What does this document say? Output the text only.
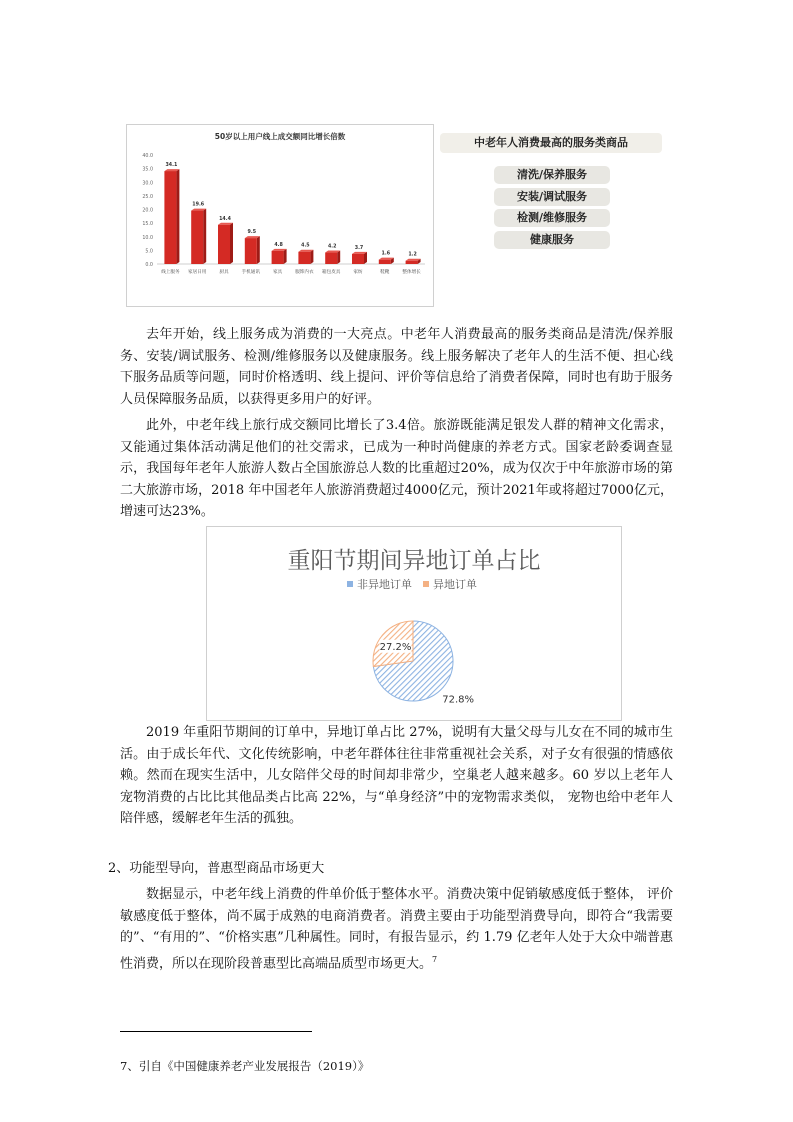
50岁以上用户线上成交额同比增长倍数
0.0
5.0
10.0
15.0
20.0
25.0
30.0
35.0
40.0
34.1
线上服务
19.6
家居日用
14.4
厨具
9.5
手机通讯
4.8
家具
4.5
服饰内衣
4.2
箱包皮具
3.7
家纺
1.6
鞋靴
1.2
整体增长
中老年人消费最高的服务类商品
清洗/保养服务
安装/调试服务
检测/维修服务
健康服务

去年开始，线上服务成为消费的一大亮点。中老年人消费最高的服务类商品是清洗/保养服务、安装/调试服务、检测/维修服务以及健康服务。线上服务解决了老年人的生活不便、担心线下服务品质等问题，同时价格透明、线上提问、评价等信息给了消费者保障，同时也有助于服务人员保障服务品质，以获得更多用户的好评。

此外，中老年线上旅行成交额同比增长了3.4倍。旅游既能满足银发人群的精神文化需求，又能通过集体活动满足他们的社交需求，已成为一种时尚健康的养老方式。国家老龄委调查显示，我国每年老年人旅游人数占全国旅游总人数的比重超过20%，成为仅次于中年旅游市场的第二大旅游市场，2018 年中国老年人旅游消费超过4000亿元，预计2021年或将超过7000亿元，增速可达23%。

重阳节期间异地订单占比
非异地订单 异地订单
72.8%
27.2%

2019 年重阳节期间的订单中，异地订单占比 27%，说明有大量父母与儿女在不同的城市生活。由于成长年代、文化传统影响，中老年群体往往非常重视社会关系，对子女有很强的情感依赖。然而在现实生活中，儿女陪伴父母的时间却非常少，空巢老人越来越多。60 岁以上老年人宠物消费的占比比其他品类占比高 22%，与“单身经济”中的宠物需求类似， 宠物也给中老年人陪伴感，缓解老年生活的孤独。

2、功能型导向，普惠型商品市场更大

数据显示，中老年线上消费的件单价低于整体水平。消费决策中促销敏感度低于整体， 评价敏感度低于整体，尚不属于成熟的电商消费者。消费主要由于功能型消费导向，即符合“我需要的”、“有用的”、“价格实惠”几种属性。同时，有报告显示，约 1.79 亿老年人处于大众中端普惠性消费，所以在现阶段普惠型比高端品质型市场更大。$^7$

7、引自《中国健康养老产业发展报告（2019）》
